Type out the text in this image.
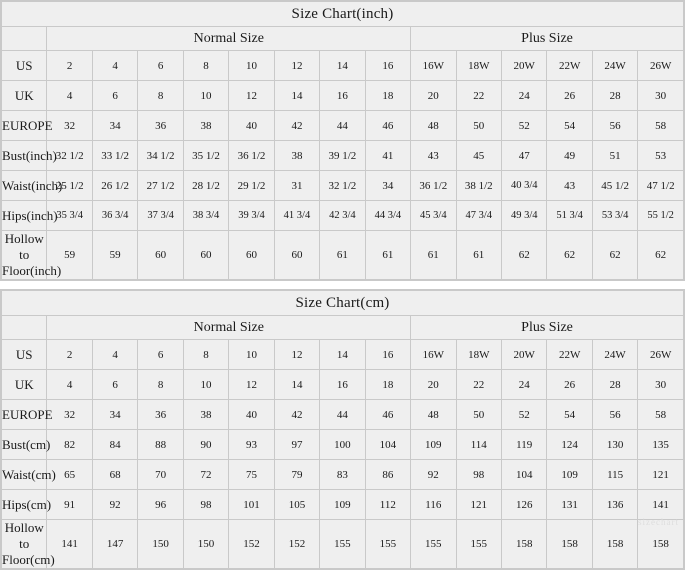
Size Chart(inch)														
	Normal Size								Plus Size					
US	2	4	6	8	10	12	14	16	16W	18W	20W	22W	24W	26W
UK	4	6	8	10	12	14	16	18	20	22	24	26	28	30
EUROPE	32	34	36	38	40	42	44	46	48	50	52	54	56	58
Bust(inch)	32 1/2	33 1/2	34 1/2	35 1/2	36 1/2	38	39 1/2	41	43	45	47	49	51	53
Waist(inch)	25 1/2	26 1/2	27 1/2	28 1/2	29 1/2	31	32 1/2	34	36 1/2	38 1/2	40 3/4	43	45 1/2	47 1/2
Hips(inch)	35 3/4	36 3/4	37 3/4	38 3/4	39 3/4	41 3/4	42 3/4	44 3/4	45 3/4	47 3/4	49 3/4	51 3/4	53 3/4	55 1/2
Hollow to Floor(inch)	59	59	60	60	60	60	61	61	61	61	62	62	62	62
Size Chart(cm)														
	Normal Size								Plus Size					
US	2	4	6	8	10	12	14	16	16W	18W	20W	22W	24W	26W
UK	4	6	8	10	12	14	16	18	20	22	24	26	28	30
EUROPE	32	34	36	38	40	42	44	46	48	50	52	54	56	58
Bust(cm)	82	84	88	90	93	97	100	104	109	114	119	124	130	135
Waist(cm)	65	68	70	72	75	79	83	86	92	98	104	109	115	121
Hips(cm)	91	92	96	98	101	105	109	112	116	121	126	131	136	141
Hollow to Floor(cm)	141	147	150	150	152	152	155	155	155	155	158	158	158	158
sizechart
